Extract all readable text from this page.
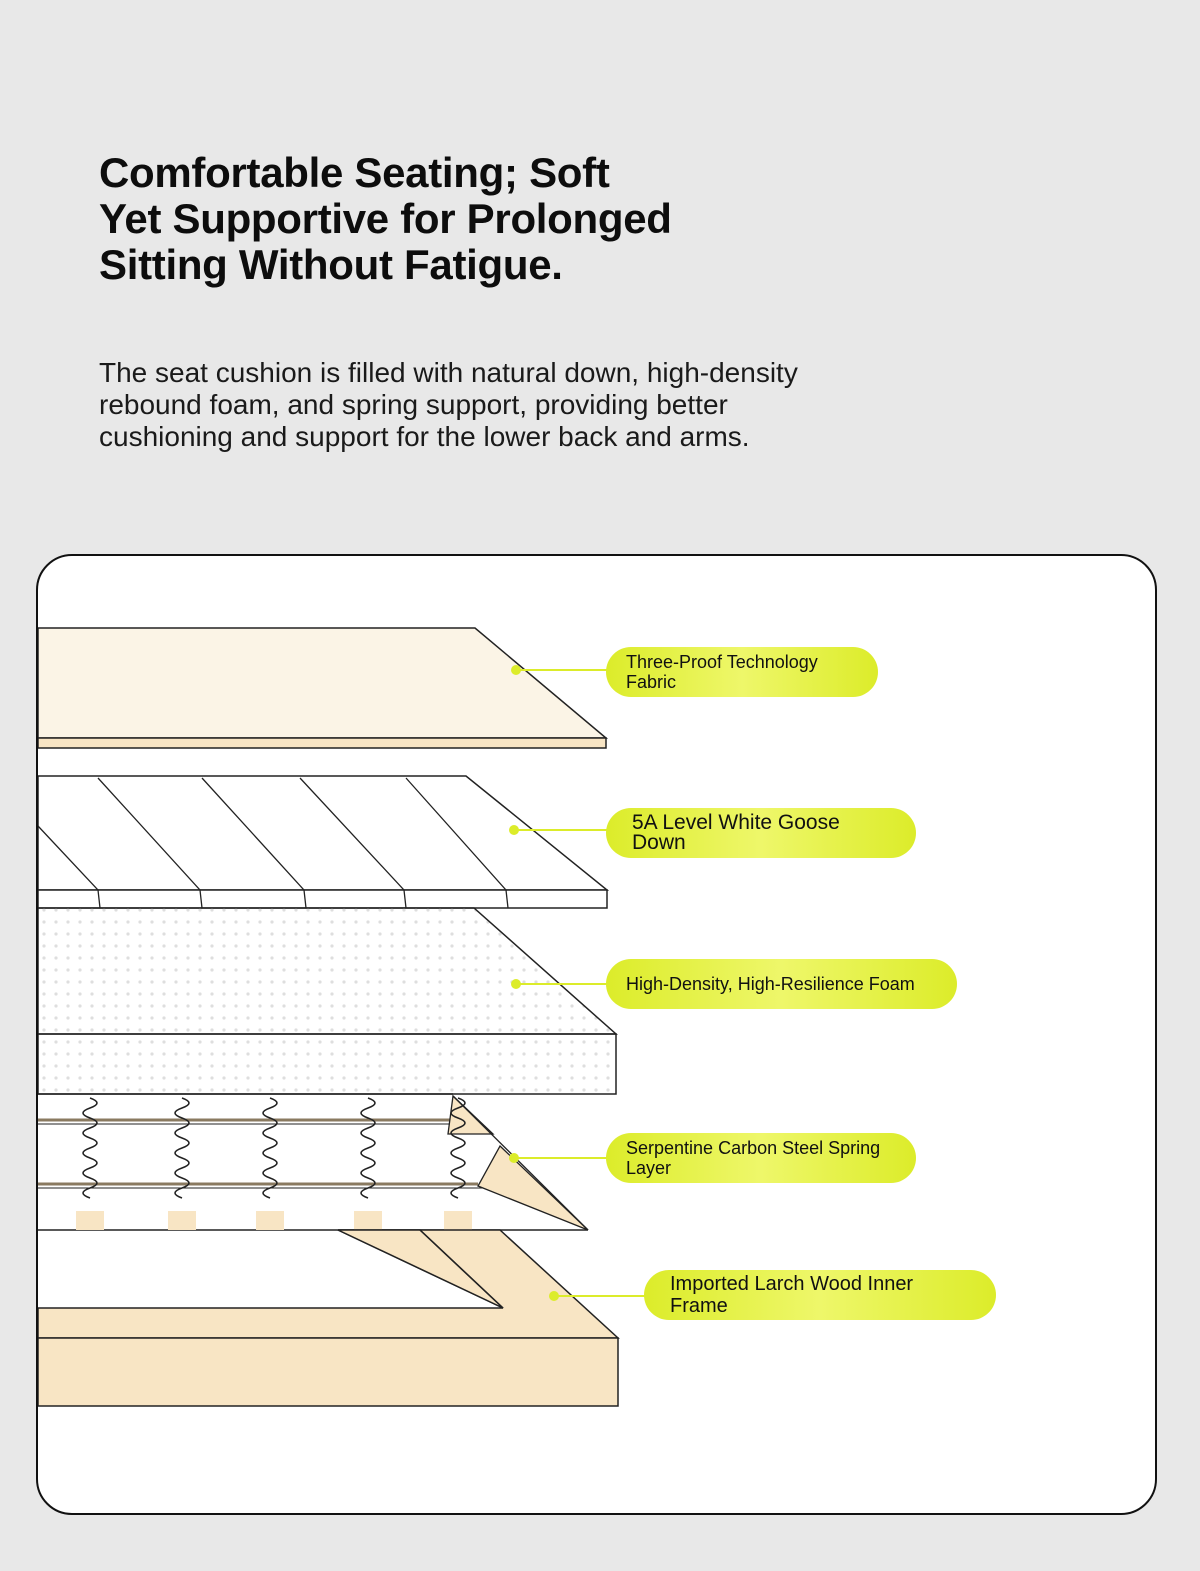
Comfortable Seating; Soft
Yet Supportive for Prolonged
Sitting Without Fatigue.

The seat cushion is filled with natural down, high-density
rebound foam, and spring support, providing better
cushioning and support for the lower back and arms.

Three-Proof Technology Fabric
5A Level White Goose
Down
High-Density, High-Resilience Foam
Serpentine Carbon Steel Spring Layer
Imported Larch Wood Inner
Frame
